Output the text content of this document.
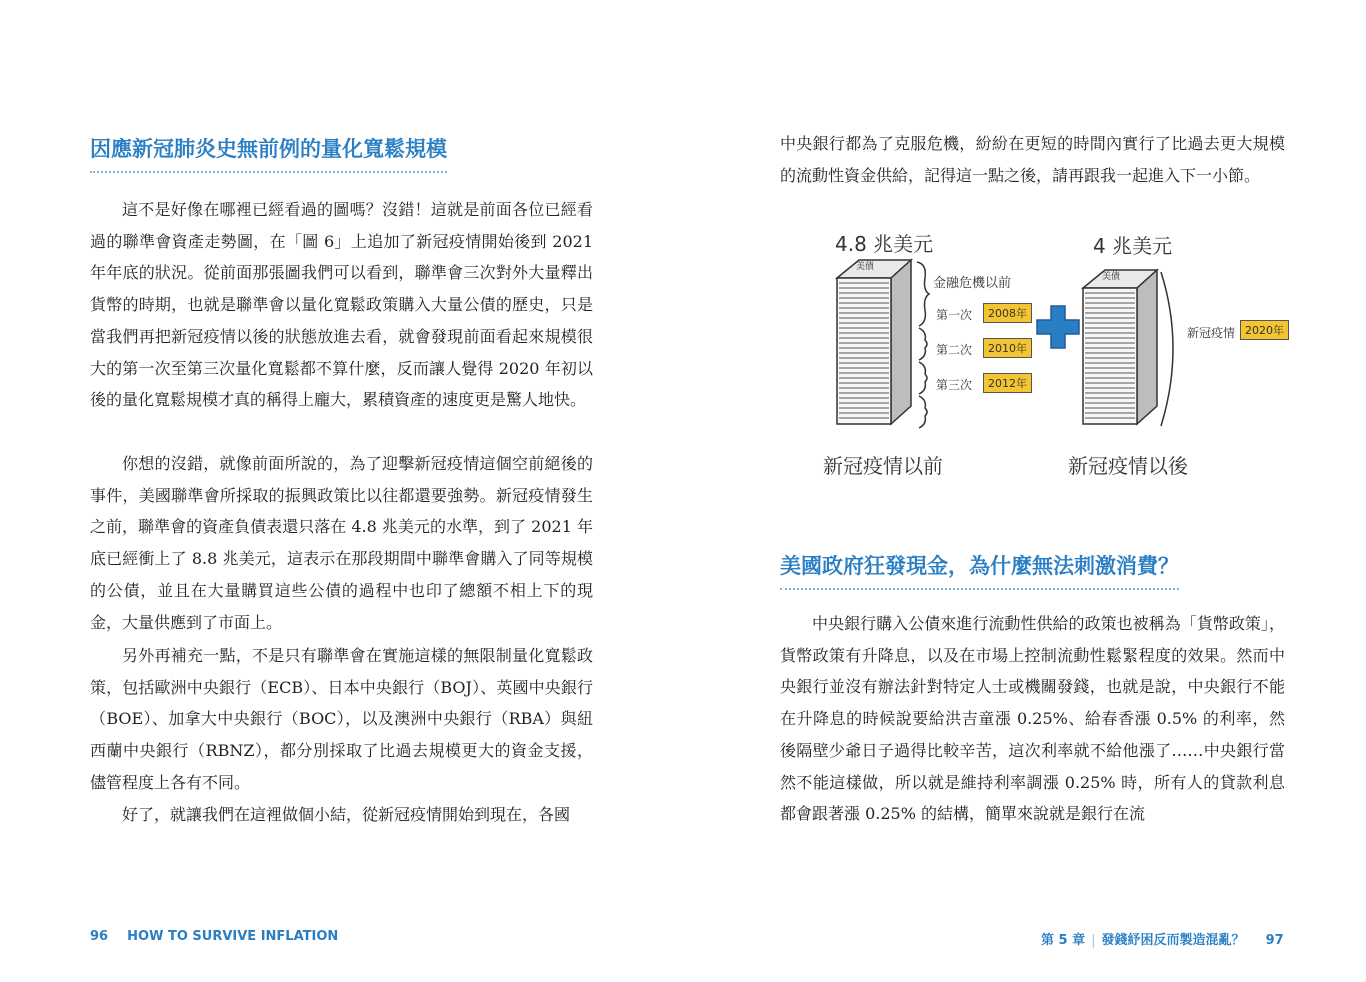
因應新冠肺炎史無前例的量化寬鬆規模

這不是好像在哪裡已經看過的圖嗎？沒錯！這就是前面各位已經看過的聯準會資產走勢圖，在「圖 6」上追加了新冠疫情開始後到 2021 年年底的狀況。從前面那張圖我們可以看到，聯準會三次對外大量釋出貨幣的時期，也就是聯準會以量化寬鬆政策購入大量公債的歷史，只是當我們再把新冠疫情以後的狀態放進去看，就會發現前面看起來規模很大的第一次至第三次量化寬鬆都不算什麼，反而讓人覺得 2020 年初以後的量化寬鬆規模才真的稱得上龐大，累積資產的速度更是驚人地快。

你想的沒錯，就像前面所說的，為了迎擊新冠疫情這個空前絕後的事件，美國聯準會所採取的振興政策比以往都還要強勢。新冠疫情發生之前，聯準會的資產負債表還只落在 4.8 兆美元的水準，到了 2021 年底已經衝上了 8.8 兆美元，這表示在那段期間中聯準會購入了同等規模的公債，並且在大量購買這些公債的過程中也印了總額不相上下的現金，大量供應到了市面上。

另外再補充一點，不是只有聯準會在實施這樣的無限制量化寬鬆政策，包括歐洲中央銀行（ECB）、日本中央銀行（BOJ）、英國中央銀行（BOE）、加拿大中央銀行（BOC），以及澳洲中央銀行（RBA）與紐西蘭中央銀行（RBNZ），都分別採取了比過去規模更大的資金支援，儘管程度上各有不同。

好了，就讓我們在這裡做個小結，從新冠疫情開始到現在，各國

96 HOW TO SURVIVE INFLATION

中央銀行都為了克服危機，紛紛在更短的時間內實行了比過去更大規模的流動性資金供給，記得這一點之後，請再跟我一起進入下一小節。

4.8 兆美元	4 兆美元
美債
金融危機以前
第一次	2008年
第二次	2010年
第三次	2012年
美債
新冠疫情 2020年
新冠疫情以前	新冠疫情以後
美國政府狂發現金，為什麼無法刺激消費？

中央銀行購入公債來進行流動性供給的政策也被稱為「貨幣政策」，貨幣政策有升降息，以及在市場上控制流動性鬆緊程度的效果。然而中央銀行並沒有辦法針對特定人士或機關發錢，也就是說，中央銀行不能在升降息的時候說要給洪吉童漲 0.25%、給春香漲 0.5% 的利率，然後隔壁少爺日子過得比較辛苦，這次利率就不給他漲了……中央銀行當然不能這樣做，所以就是維持利率調漲 0.25% 時，所有人的貸款利息都會跟著漲 0.25% 的結構，簡單來說就是銀行在流

第 5 章 | 發錢紓困反而製造混亂？ 97
